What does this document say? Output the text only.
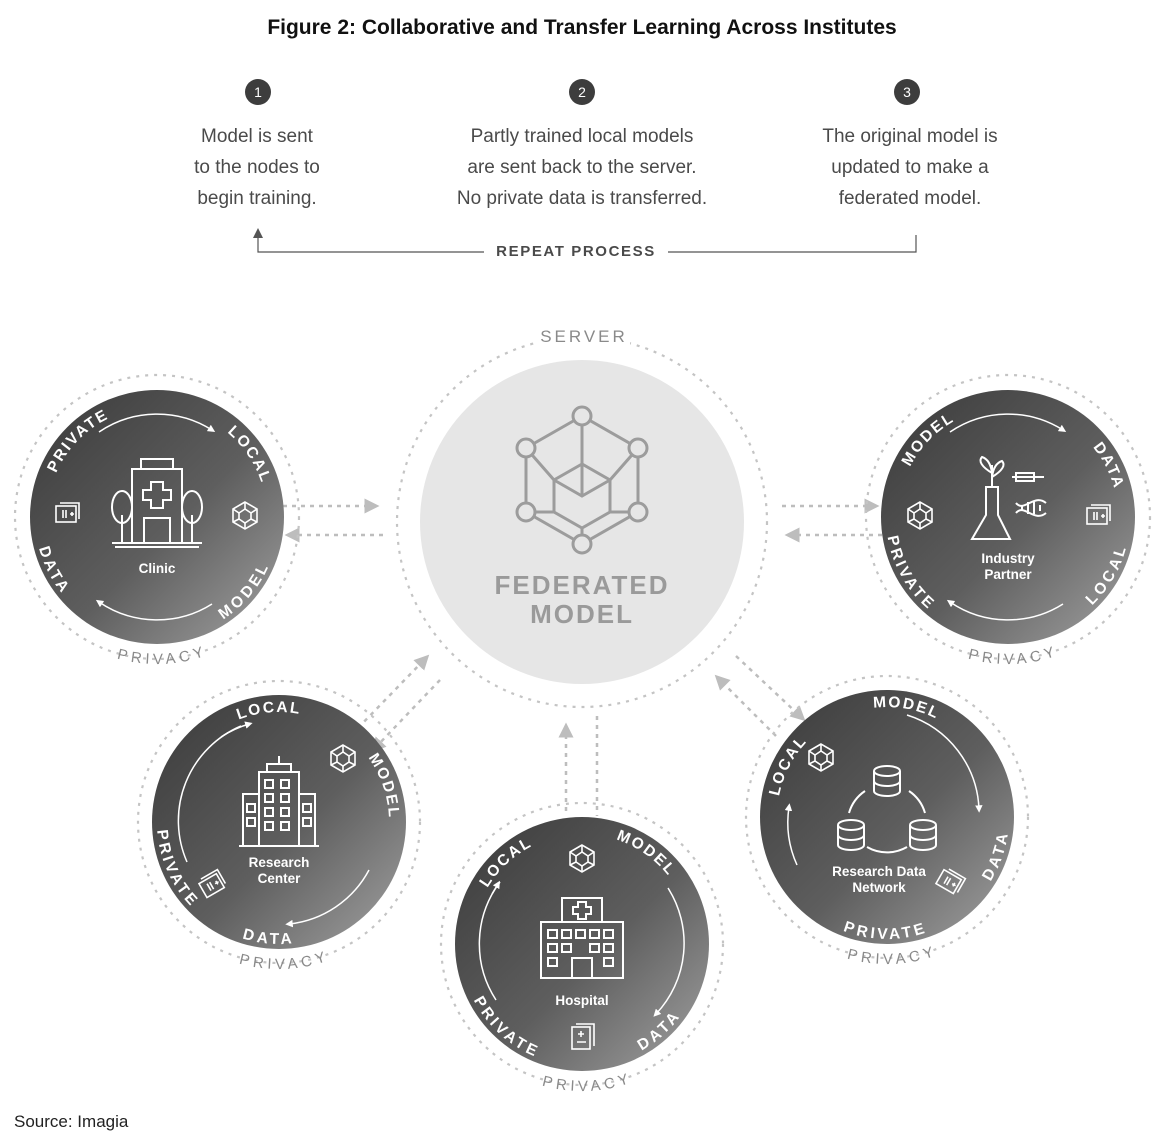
Figure 2: Collaborative and Transfer Learning Across Institutes
1
Model is sent
to the nodes to
begin training.
2
Partly trained local models
are sent back to the server.
No private data is transferred.
3
The original model is
updated to make a
federated model.
FEDERATED
MODEL
SERVER
PRIVATE
LOCAL
DATA
MODEL
PRIVACY
Clinic
MODEL
DATA
PRIVATE	LOCAL
PRIVACY
Industry
Partner
LOCAL
MODEL
PRIVATE
DATA
PRIVACY
Research
Center
LOCAL
MODEL
PRIVATE
DATA
PRIVACY
Research Data
Network
LOCAL	MODEL
PRIVATE	DATA
PRIVACY
Hospital
REPEAT PROCESS
Source: Imagia
